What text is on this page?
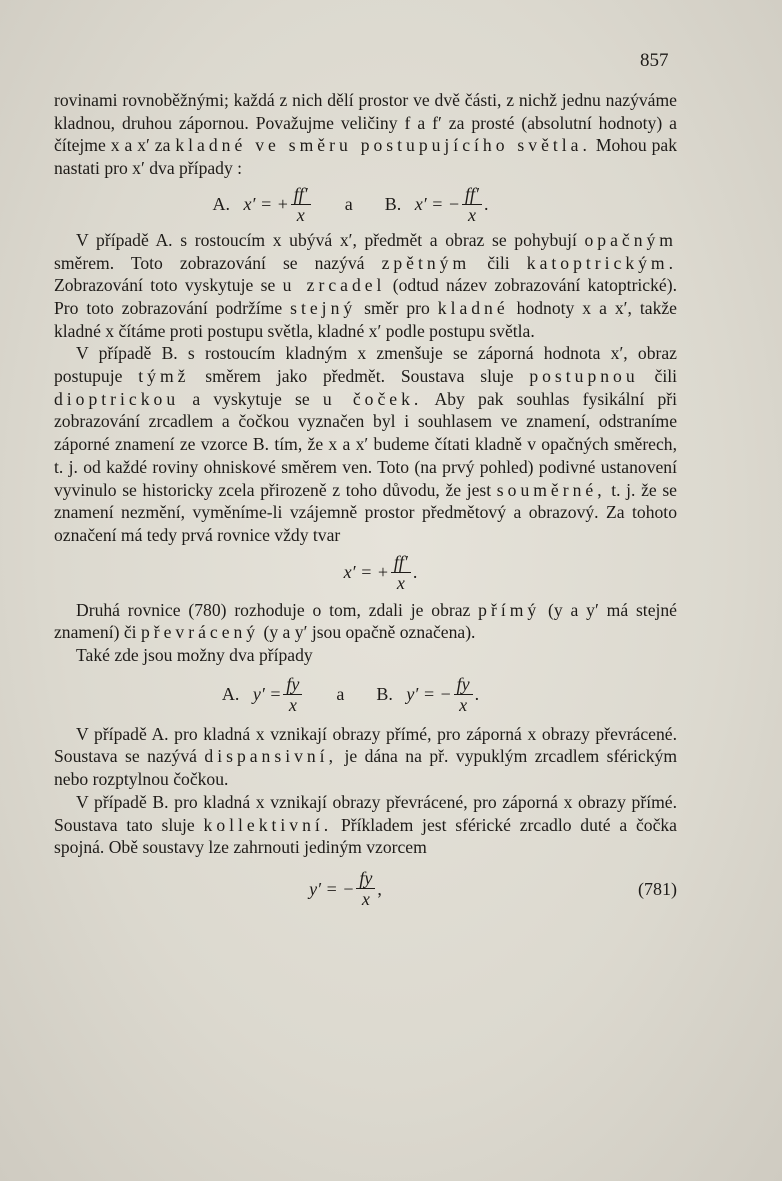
857

rovinami rovnoběžnými; každá z nich dělí prostor ve dvě části, z nichž jednu nazýváme kladnou, druhou zápornou. Považujme veličiny f a f′ za prosté (absolutní hodnoty) a čítejme x a x′ za kladné ve směru postupujícího světla. Mohou pak nastati pro x′ dva případy :

A.
x′ = + $\frac{ff'}{x}$ a B.
x′ = − $\frac{ff'}{x}$ .

V případě A. s rostoucím x ubývá x′, předmět a obraz se pohybují opačným směrem. Toto zobrazování se nazývá zpětným čili katoptrickým. Zobrazování toto vyskytuje se u zrcadel (odtud název zobrazování katoptrické). Pro toto zobrazování podržíme stejný směr pro kladné hodnoty x a x′, takže kladné x čítáme proti postupu světla, kladné x′ podle postupu světla.

V případě B. s rostoucím kladným x zmenšuje se záporná hodnota x′, obraz postupuje týmž směrem jako předmět. Soustava sluje postupnou čili dioptrickou a vyskytuje se u čoček. Aby pak souhlas fysikální při zobrazování zrcadlem a čočkou vyznačen byl i souhlasem ve znamení, odstraníme záporné znamení ze vzorce B. tím, že x a x′ budeme čítati kladně v opačných směrech, t. j. od každé roviny ohniskové směrem ven. Toto (na prvý pohled) podivné ustanovení vyvinulo se historicky zcela přirozeně z toho důvodu, že jest souměrné, t. j. že se znamení nezmění, vyměníme-li vzájemně prostor předmětový a obrazový. Za tohoto označení má tedy prvá rovnice vždy tvar

x′ = + $\frac{ff'}{x}$ .

Druhá rovnice (780) rozhoduje o tom, zdali je obraz přímý (y a y′ má stejné znamení) či převrácený (y a y′ jsou opačně označena).

Také zde jsou možny dva případy

A.
$y' = \frac{fy}{x}$ a B.
y′ = − $\frac{fy}{x}$ .

V případě A. pro kladná x vznikají obrazy přímé, pro záporná x obrazy převrácené. Soustava se nazývá dispansivní, je dána na př. vypuklým zrcadlem sférickým nebo rozptylnou čočkou.

V případě B. pro kladná x vznikají obrazy převrácené, pro záporná x obrazy přímé. Soustava tato sluje kollektivní. Příkladem jest sférické zrcadlo duté a čočka spojná. Obě soustavy lze zahrnouti jediným vzorcem

y′ = − $\frac{fy}{x}$ ,	(781)
